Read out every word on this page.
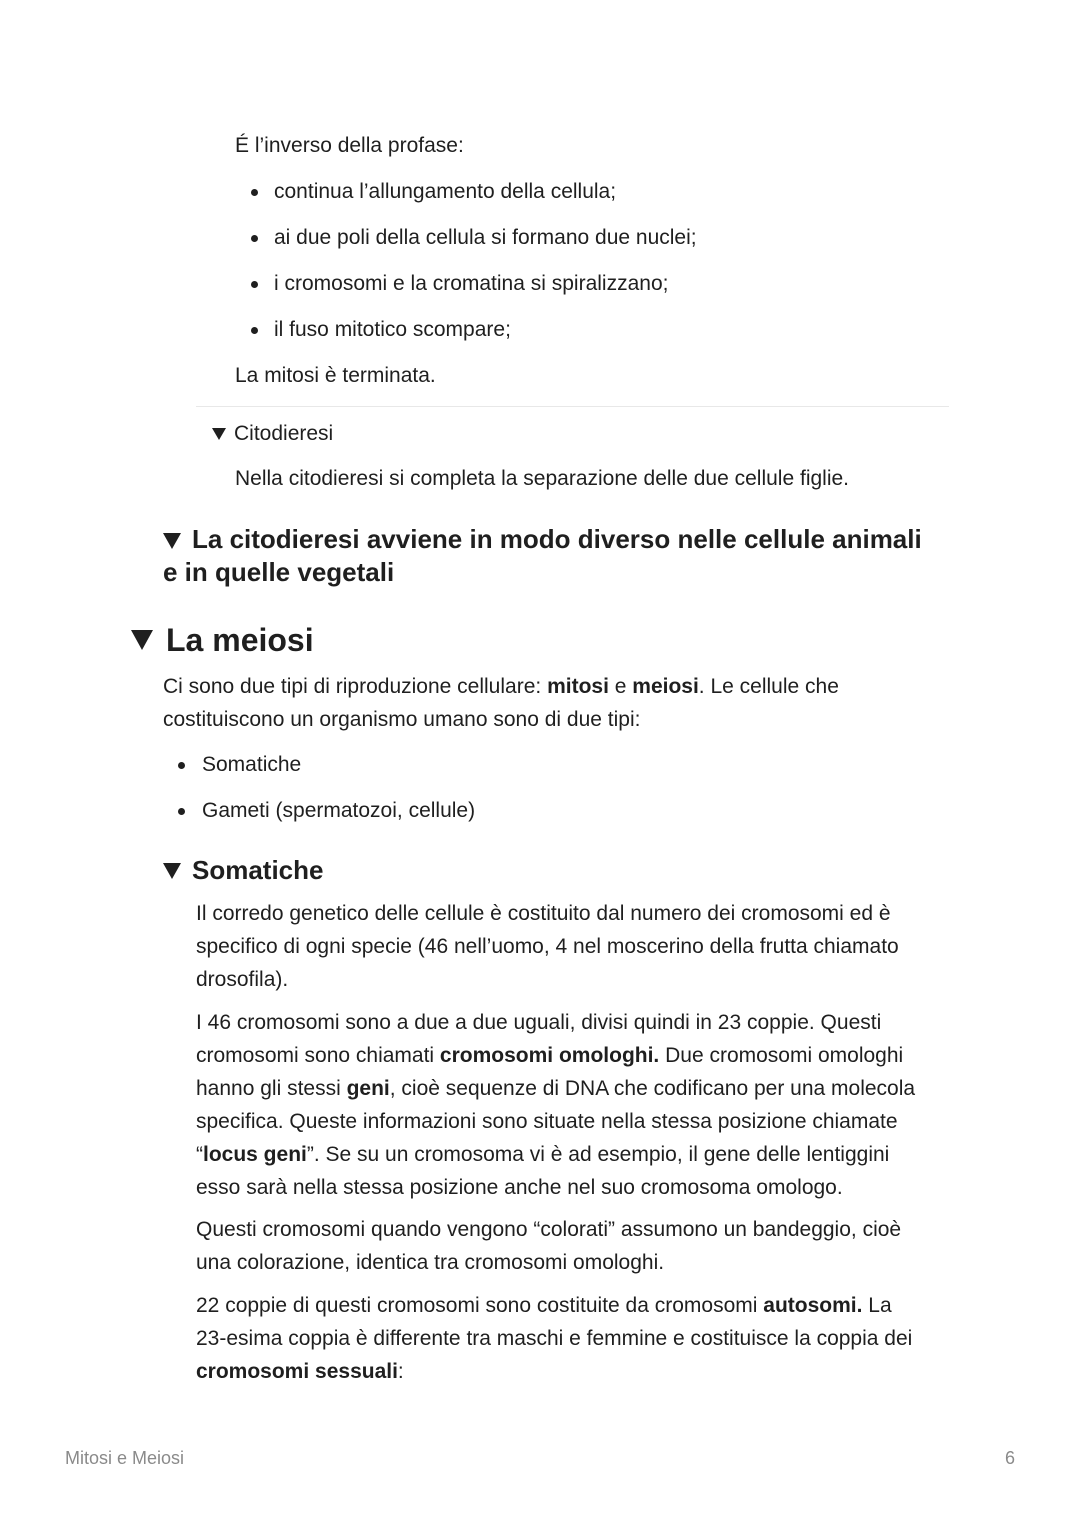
É l’inverso della profase:
continua l’allungamento della cellula;
ai due poli della cellula si formano due nuclei;
i cromosomi e la cromatina si spiralizzano;
il fuso mitotico scompare;
La mitosi è terminata.
Citodieresi
Nella citodieresi si completa la separazione delle due cellule figlie.
La citodieresi avviene in modo diverso nelle cellule animali
e in quelle vegetali
La meiosi
Ci sono due tipi di riproduzione cellulare: mitosi e meiosi. Le cellule che
costituiscono un organismo umano sono di due tipi:
Somatiche
Gameti (spermatozoi, cellule)
Somatiche
Il corredo genetico delle cellule è costituito dal numero dei cromosomi ed è
specifico di ogni specie (46 nell’uomo, 4 nel moscerino della frutta chiamato
drosofila).
I 46 cromosomi sono a due a due uguali, divisi quindi in 23 coppie. Questi
cromosomi sono chiamati cromosomi omologhi. Due cromosomi omologhi
hanno gli stessi geni, cioè sequenze di DNA che codificano per una molecola
specifica. Queste informazioni sono situate nella stessa posizione chiamate
“locus geni”. Se su un cromosoma vi è ad esempio, il gene delle lentiggini
esso sarà nella stessa posizione anche nel suo cromosoma omologo.
Questi cromosomi quando vengono “colorati” assumono un bandeggio, cioè
una colorazione, identica tra cromosomi omologhi.
22 coppie di questi cromosomi sono costituite da cromosomi autosomi. La
23-esima coppia è differente tra maschi e femmine e costituisce la coppia dei
cromosomi sessuali:
Mitosi e Meiosi	6
